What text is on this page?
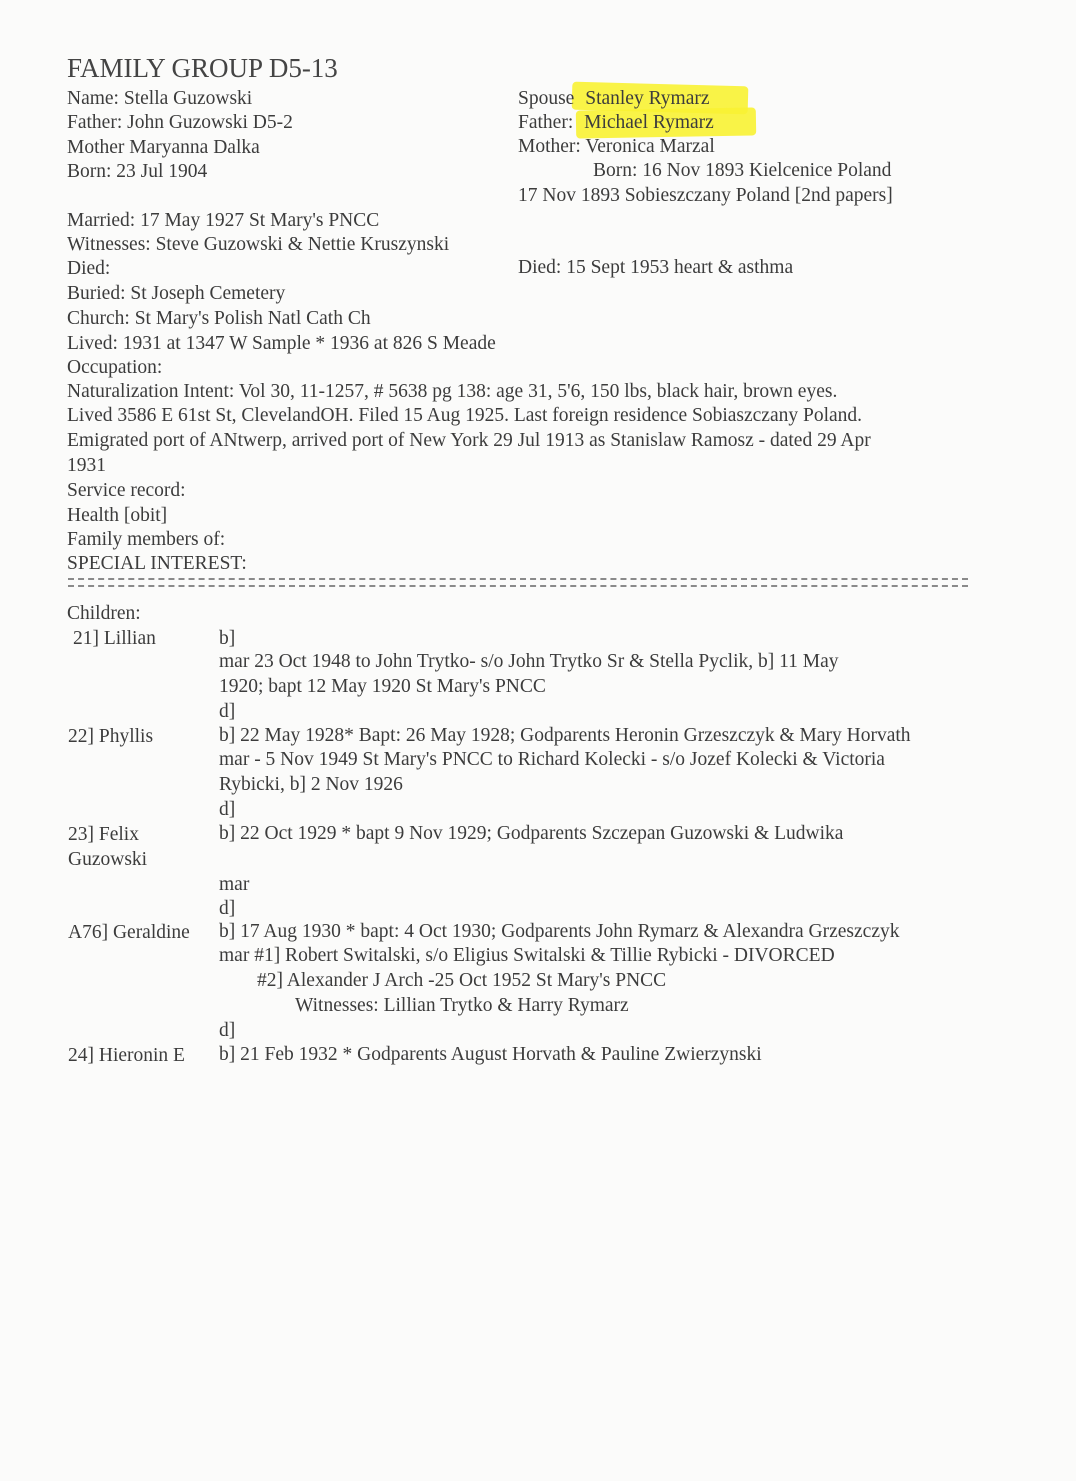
FAMILY GROUP D5-13
Name: Stella Guzowski
Father: John Guzowski D5-2
Mother Maryanna Dalka
Born: 23 Jul 1904
Spouse Stanley Rymarz
Father: Michael Rymarz
Mother: Veronica Marzal
Born: 16 Nov 1893 Kielcenice Poland
17 Nov 1893 Sobieszczany Poland [2nd papers]
Died: 15 Sept 1953 heart & asthma
Married: 17 May 1927 St Mary's PNCC
Witnesses: Steve Guzowski & Nettie Kruszynski
Died:
Buried: St Joseph Cemetery
Church: St Mary's Polish Natl Cath Ch
Lived: 1931 at 1347 W Sample * 1936 at 826 S Meade
Occupation:
Naturalization Intent: Vol 30, 11-1257, # 5638 pg 138: age 31, 5'6, 150 lbs, black hair, brown eyes.
Lived 3586 E 61st St, ClevelandOH. Filed 15 Aug 1925. Last foreign residence Sobiaszczany Poland.
Emigrated port of ANtwerp, arrived port of New York 29 Jul 1913 as Stanislaw Ramosz - dated 29 Apr
1931
Service record:
Health [obit]
Family members of:
SPECIAL INTEREST:
Children:
21] Lillian	b]
mar 23 Oct 1948 to John Trytko- s/o John Trytko Sr & Stella Pyclik, b] 11 May
1920; bapt 12 May 1920 St Mary's PNCC
d]
22] Phyllis	b] 22 May 1928* Bapt: 26 May 1928; Godparents Heronin Grzeszczyk & Mary Horvath
mar - 5 Nov 1949 St Mary's PNCC to Richard Kolecki - s/o Jozef Kolecki & Victoria
Rybicki, b] 2 Nov 1926
d]
23] Felix
Guzowski
b] 22 Oct 1929 * bapt 9 Nov 1929; Godparents Szczepan Guzowski & Ludwika
mar
d]
A76] Geraldine b] 17 Aug 1930 * bapt: 4 Oct 1930; Godparents John Rymarz & Alexandra Grzeszczyk
mar #1] Robert Switalski, s/o Eligius Switalski & Tillie Rybicki - DIVORCED
#2] Alexander J Arch -25 Oct 1952 St Mary's PNCC
Witnesses: Lillian Trytko & Harry Rymarz
d]
24] Hieronin E b] 21 Feb 1932 * Godparents August Horvath & Pauline Zwierzynski
